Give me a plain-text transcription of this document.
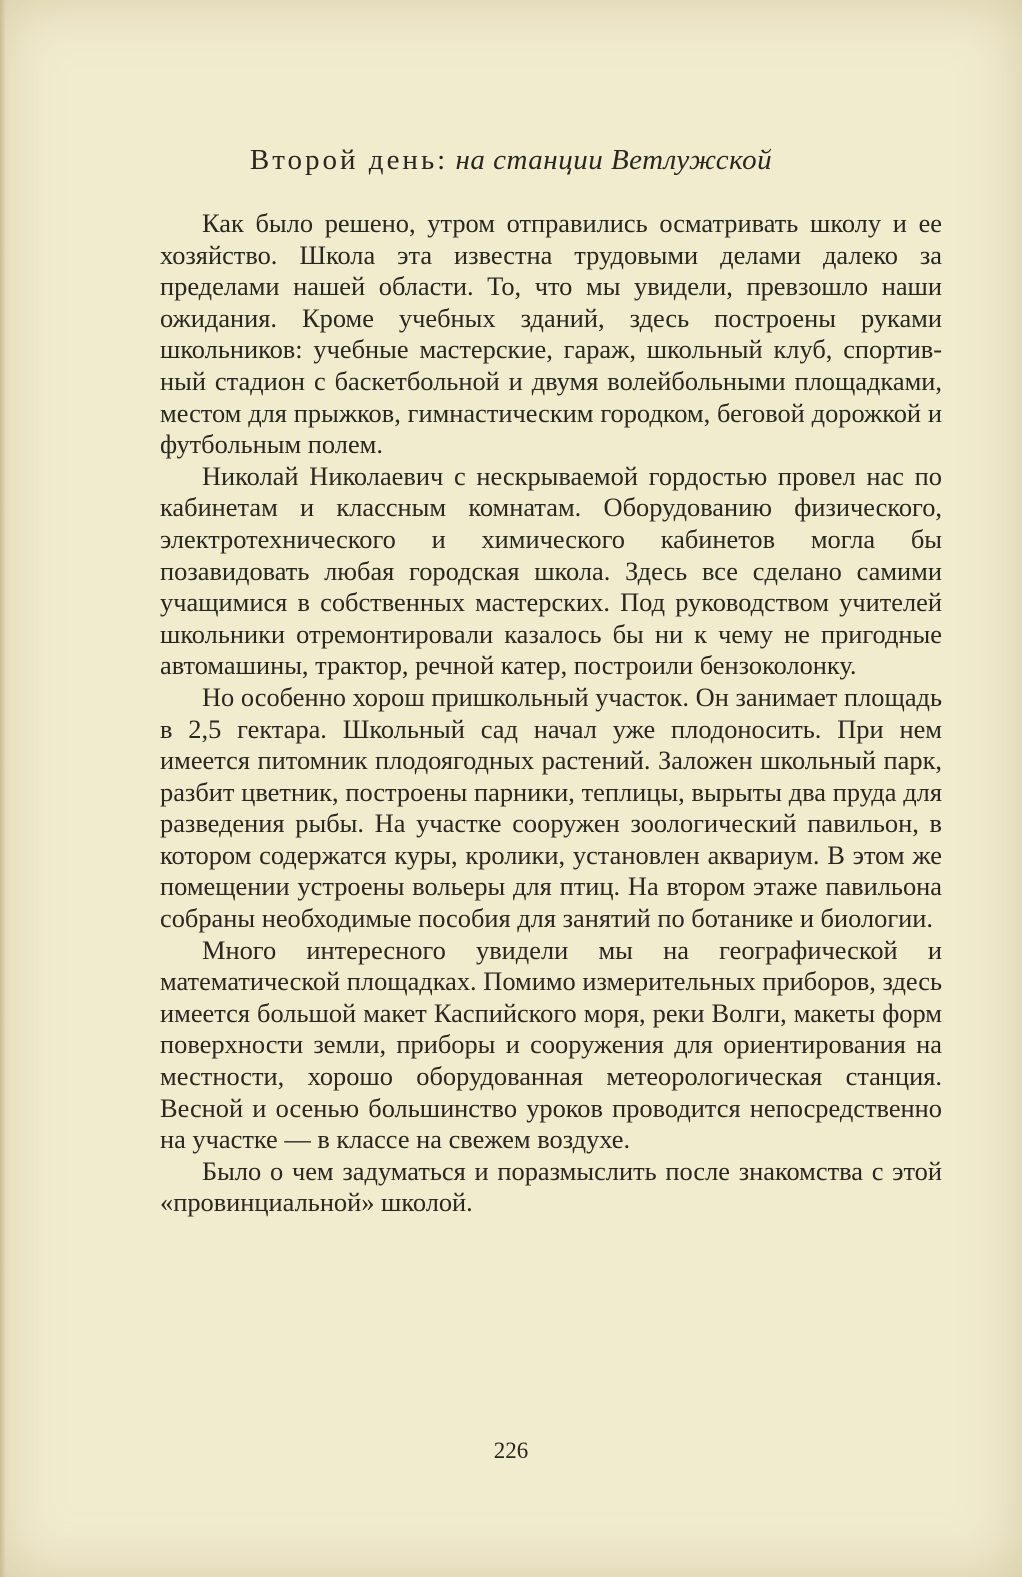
Второй день: на станции Ветлужской

Как было решено, утром отправились осматривать школу и ее хозяйство. Школа эта известна трудовыми делами далеко за пределами нашей области. То, что мы увидели, превзошло наши ожидания. Кроме учебных зданий, здесь построены руками школьников: учебные мастерские, гараж, школьный клуб, спортивный стадион с баскетбольной и двумя волейбольными площадками, местом для прыжков, гимнастическим городком, беговой дорожкой и футбольным полем.

Николай Николаевич с нескрываемой гордостью провел нас по кабинетам и классным комнатам. Оборудованию физического, электротехнического и химического кабинетов могла бы позавидовать любая городская школа. Здесь все сделано самими учащимися в собственных мастерских. Под руководством учителей школьники отремонтировали казалось бы ни к чему не пригодные автомашины, трактор, речной катер, построили бензоколонку.

Но особенно хорош пришкольный участок. Он занимает площадь в 2,5 гектара. Школьный сад начал уже плодоносить. При нем имеется питомник плодоягодных растений. Заложен школьный парк, разбит цветник, построены парники, теплицы, вырыты два пруда для разведения рыбы. На участке сооружен зоологический павильон, в котором содержатся куры, кролики, установлен аквариум. В этом же помещении устроены вольеры для птиц. На втором этаже павильона собраны необходимые пособия для занятий по ботанике и биологии.

Много интересного увидели мы на географической и математической площадках. Помимо измерительных приборов, здесь имеется большой макет Каспийского моря, реки Волги, макеты форм поверхности земли, приборы и сооружения для ориентирования на местности, хорошо оборудованная метеорологическая станция. Весной и осенью большинство уроков проводится непосредственно на участке — в классе на свежем воздухе.

Было о чем задуматься и поразмыслить после знакомства с этой «провинциальной» школой.

226
